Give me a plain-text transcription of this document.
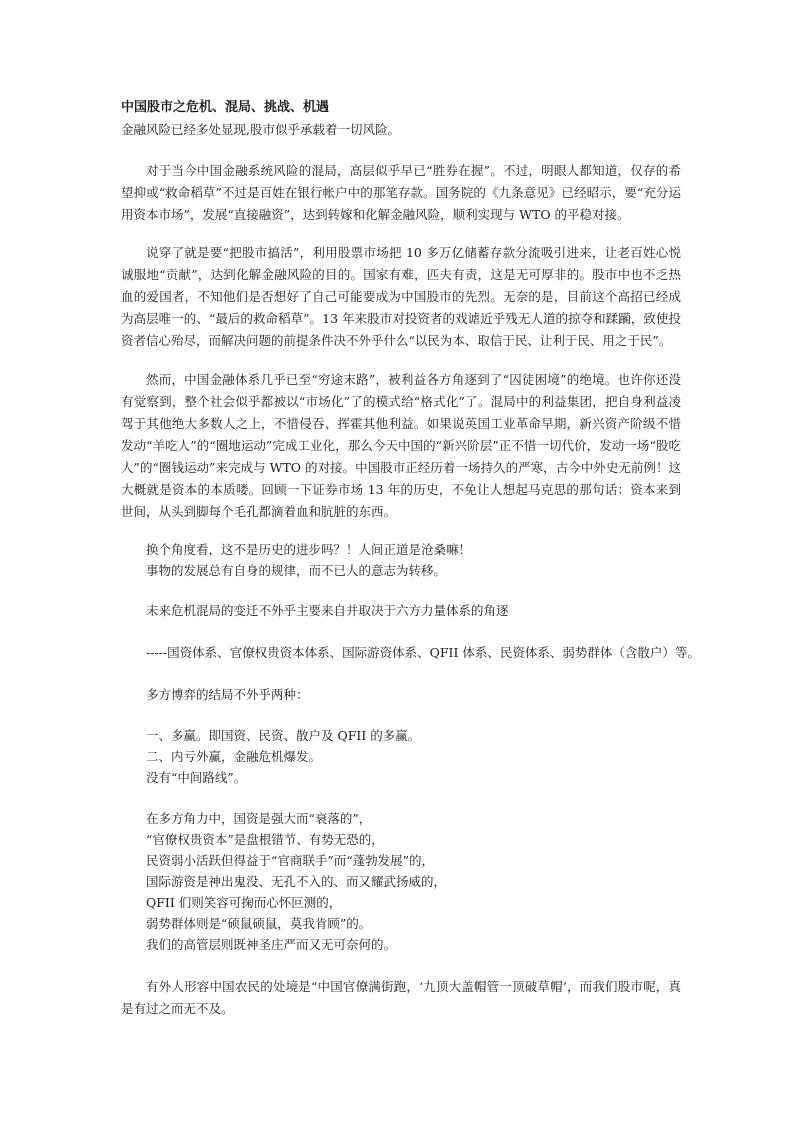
中国股市之危机、混局、挑战、机遇
金融风险已经多处显现,股市似乎承载着一切风险。

对于当今中国金融系统风险的混局，高层似乎早已“胜券在握”。不过，明眼人都知道，仅存的希望抑或“救命稻草”不过是百姓在银行帐户中的那笔存款。国务院的《九条意见》已经昭示，要“充分运用资本市场”，发展“直接融资”，达到转嫁和化解金融风险，顺利实现与 WTO 的平稳对接。

说穿了就是要“把股市搞活”，利用股票市场把 10 多万亿储蓄存款分流吸引进来，让老百姓心悦诚服地“贡献”，达到化解金融风险的目的。国家有难，匹夫有责，这是无可厚非的。股市中也不乏热血的爱国者，不知他们是否想好了自己可能要成为中国股市的先烈。无奈的是，目前这个高招已经成为高层唯一的、“最后的救命稻草”。13 年来股市对投资者的戏谑近乎残无人道的掠夺和蹂躏，致使投资者信心殆尽，而解决问题的前提条件决不外乎什么“以民为本、取信于民、让利于民、用之于民”。

然而，中国金融体系几乎已至“穷途末路”，被利益各方角逐到了“囚徒困境”的绝境。也许你还没有觉察到，整个社会似乎都被以“市场化”了的模式给“格式化”了。混局中的利益集团，把自身利益凌驾于其他绝大多数人之上，不惜侵吞、挥霍其他利益。如果说英国工业革命早期，新兴资产阶级不惜发动“羊吃人”的“圈地运动”完成工业化，那么今天中国的“新兴阶层”正不惜一切代价，发动一场“股吃人”的“圈钱运动”来完成与 WTO 的对接。中国股市正经历着一场持久的严寒，古今中外史无前例！这大概就是资本的本质喽。回顾一下证券市场 13 年的历史，不免让人想起马克思的那句话：资本来到世间，从头到脚每个毛孔都滴着血和肮脏的东西。

换个角度看，这不是历史的进步吗？！人间正道是沧桑嘛！
事物的发展总有自身的规律，而不已人的意志为转移。
未来危机混局的变迁不外乎主要来自并取决于六方力量体系的角逐
-----国资体系、官僚权贵资本体系、国际游资体系、QFII 体系、民资体系、弱势群体（含散户）等。
多方博弈的结局不外乎两种：
一、多赢。即国资、民资、散户及 QFII 的多赢。
二、内亏外赢，金融危机爆发。
没有“中间路线”。
在多方角力中，国资是强大而“衰落的”，
“官僚权贵资本”是盘根错节、有势无恐的，
民资弱小活跃但得益于“官商联手”而“蓬勃发展”的，
国际游资是神出鬼没、无孔不入的、而又耀武扬威的，
QFII 们则笑容可掬而心怀叵测的，
弱势群体则是“硕鼠硕鼠，莫我肯顾”的。
我们的高管层则既神圣庄严而又无可奈何的。

有外人形容中国农民的处境是“中国官僚满街跑，‘九顶大盖帽管一顶破草帽’，而我们股市呢，真是有过之而无不及。
